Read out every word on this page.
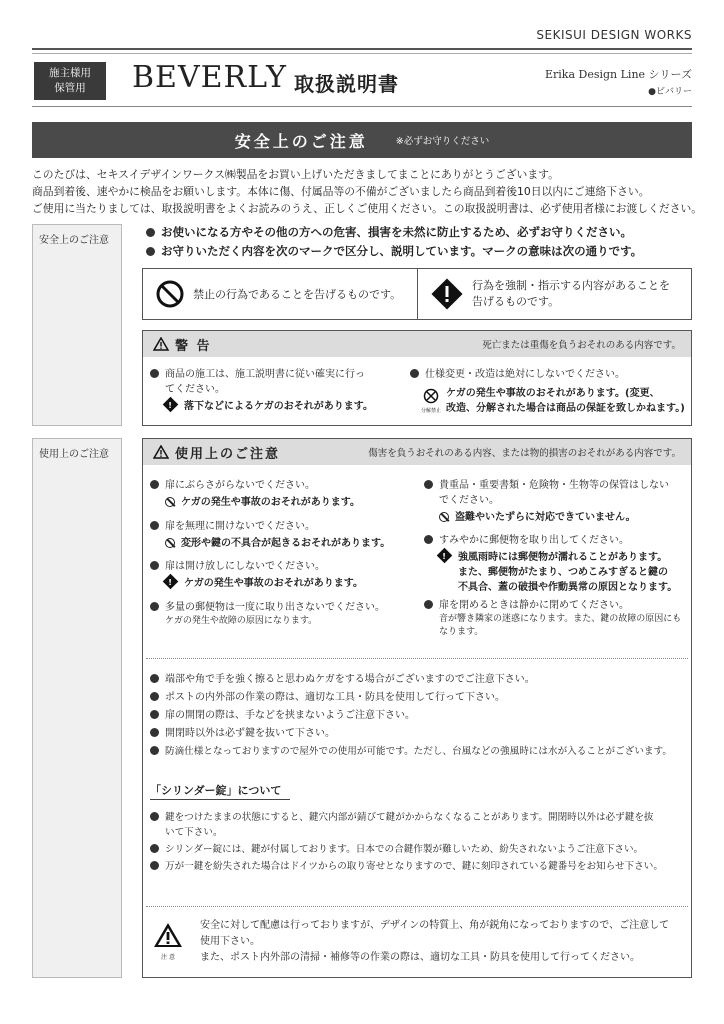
SEKISUI DESIGN WORKS
施主様用
保管用	BEVERLY 取扱説明書	Erika Design Line シリーズ
●ビバリー
安全上のご注意	※必ずお守りください
このたびは、セキスイデザインワークス㈱製品をお買い上げいただきましてまことにありがとうございます。
商品到着後、速やかに検品をお願いします。本体に傷、付属品等の不備がございましたら商品到着後10日以内にご連絡下さい。
ご使用に当たりましては、取扱説明書をよくお読みのうえ、正しくご使用ください。この取扱説明書は、必ず使用者様にお渡しください。
安全上のご注意
お使いになる方やその他の方への危害、損害を未然に防止するため、必ずお守りください。
お守りいただく内容を次のマークで区分し、説明しています。マークの意味は次の通りです。
禁止の行為であることを告げるものです。
行為を強制・指示する内容があることを
告げるものです。
警 告	死亡または重傷を負うおそれのある内容です。
商品の施工は、施工説明書に従い確実に行っ
てください。
!落下などによるケガのおそれがあります。
仕様変更・改造は絶対にしないでください。
分解禁止
ケガの発生や事故のおそれがあります。(変更、
改造、分解された場合は商品の保証を致しかねます。)
使用上のご注意	使用上のご注意	傷害を負うおそれのある内容、または物的損害のおそれがある内容です。
扉にぶらさがらないでください。
ケガの発生や事故のおそれがあります。
扉を無理に開けないでください。
変形や鍵の不具合が起きるおそれがあります。
扉は開け放しにしないでください。
!ケガの発生や事故のおそれがあります。
多量の郵便物は一度に取り出さないでください。
ケガの発生や故障の原因になります。
貴重品・重要書類・危険物・生物等の保管はしない
でください。
盗難やいたずらに対応できていません。
すみやかに郵便物を取り出してください。
!強風雨時には郵便物が濡れることがあります。
また、郵便物がたまり、つめこみすぎると鍵の
不具合、蓋の破損や作動異常の原因となります。
扉を閉めるときは静かに閉めてください。
音が響き隣家の迷惑になります。また、鍵の故障の原因にも
なります。
端部や角で手を強く擦ると思わぬケガをする場合がございますのでご注意下さい。
ポストの内外部の作業の際は、適切な工具・防具を使用して行って下さい。
扉の開閉の際は、手などを挟まないようご注意下さい。
開閉時以外は必ず鍵を抜いて下さい。
防滴仕様となっておりますので屋外での使用が可能です。ただし、台風などの強風時には水が入ることがございます。
「シリンダー錠」について
鍵をつけたままの状態にすると、鍵穴内部が錆びて鍵がかからなくなることがあります。開閉時以外は必ず鍵を抜
いて下さい。
シリンダー錠には、鍵が付属しております。日本での合鍵作製が難しいため、紛失されないようご注意下さい。
万が一鍵を紛失された場合はドイツからの取り寄せとなりますので、鍵に刻印されている鍵番号をお知らせ下さい。
注 意
安全に対して配慮は行っておりますが、デザインの特質上、角が鋭角になっておりますので、ご注意して
使用下さい。
また、ポスト内外部の清掃・補修等の作業の際は、適切な工具・防具を使用して行ってください。
